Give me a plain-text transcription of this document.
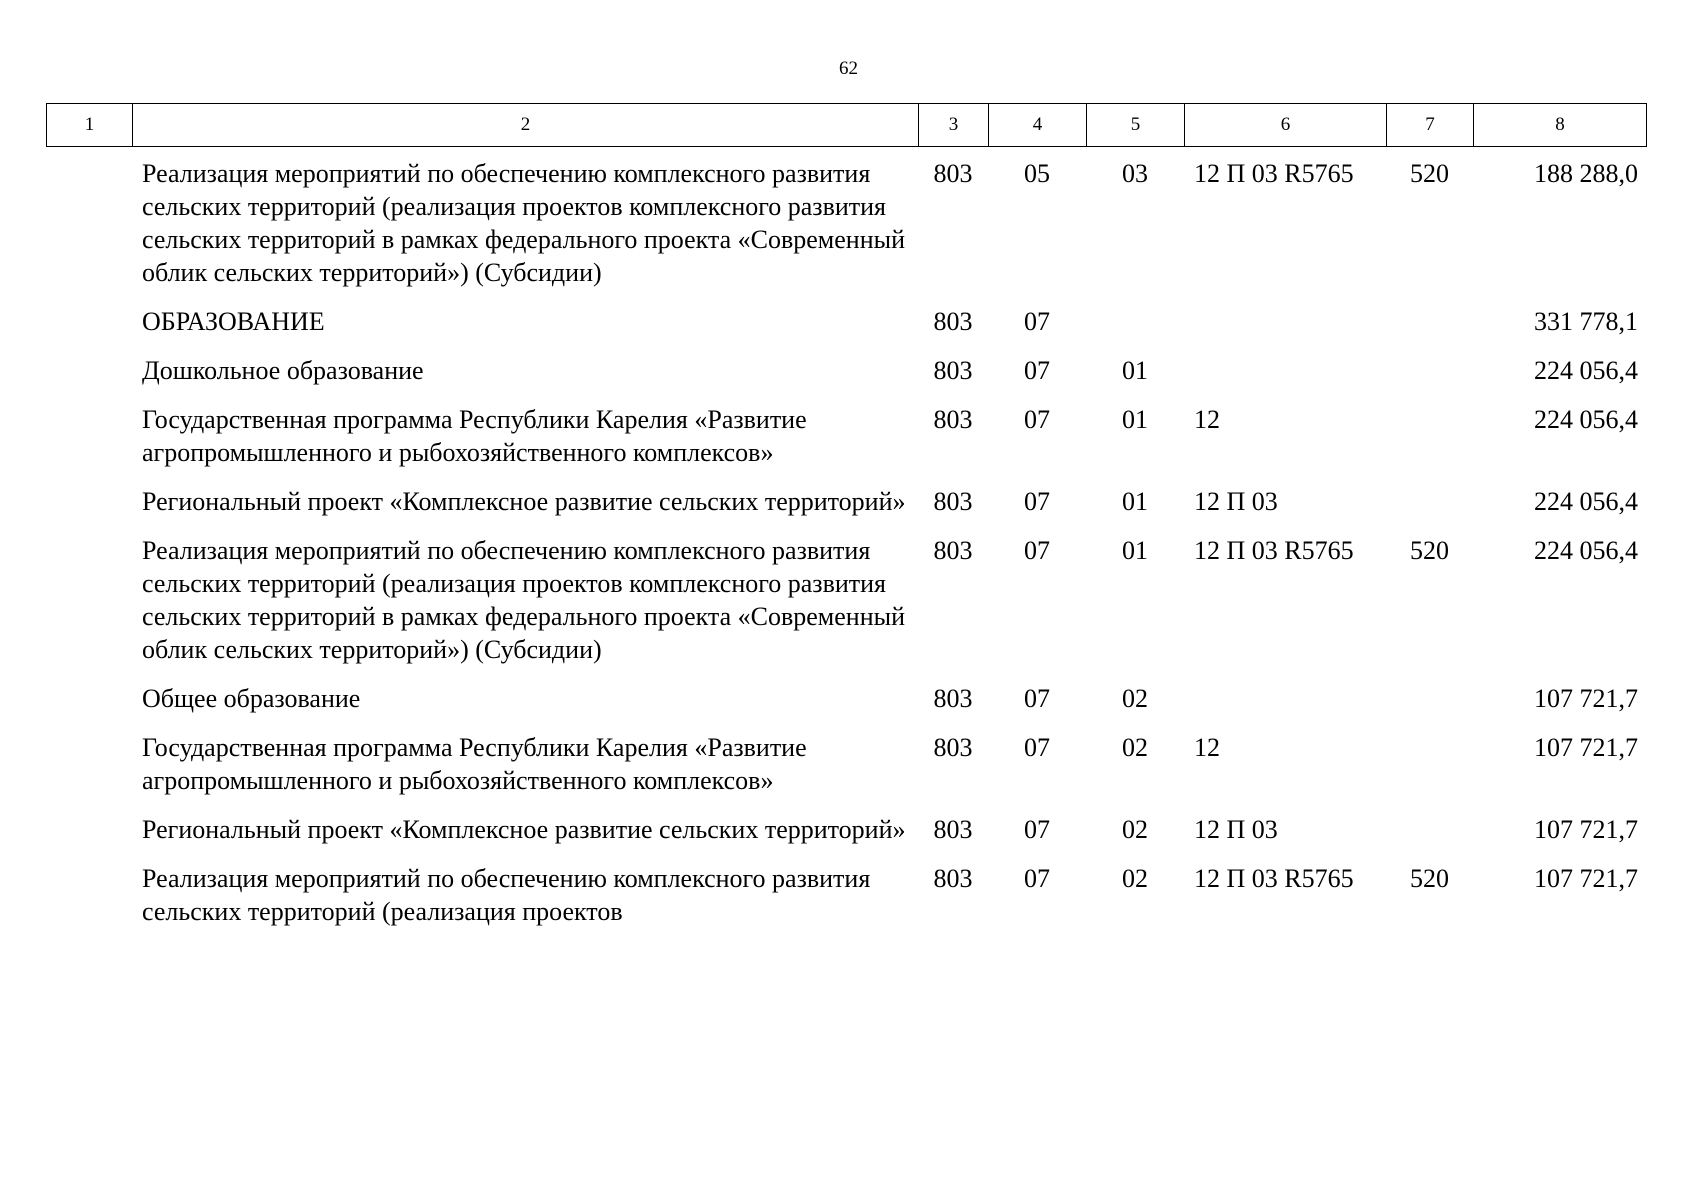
62
1	2	3	4	5	6	7	8
Реализация мероприятий по обеспечению комплексного развития сельских территорий (реализация проектов комплексного развития сельских территорий в рамках федерального проекта «Современный облик сельских территорий») (Субсидии)	803	05	03	12 П 03 R5765	520	188 288,0
ОБРАЗОВАНИЕ	803	07				331 778,1
Дошкольное образование	803	07	01			224 056,4
Государственная программа Республики Карелия «Развитие агропромышленного и рыбохозяйственного комплексов»	803	07	01	12		224 056,4
Региональный проект «Комплексное развитие сельских территорий»	803	07	01	12 П 03		224 056,4
Реализация мероприятий по обеспечению комплексного развития сельских территорий (реализация проектов комплексного развития сельских территорий в рамках федерального проекта «Современный облик сельских территорий») (Субсидии)	803	07	01	12 П 03 R5765	520	224 056,4
Общее образование	803	07	02			107 721,7
Государственная программа Республики Карелия «Развитие агропромышленного и рыбохозяйственного комплексов»	803	07	02	12		107 721,7
Региональный проект «Комплексное развитие сельских территорий»	803	07	02	12 П 03		107 721,7
Реализация мероприятий по обеспечению комплексного развития сельских территорий (реализация проектов	803	07	02	12 П 03 R5765	520	107 721,7
